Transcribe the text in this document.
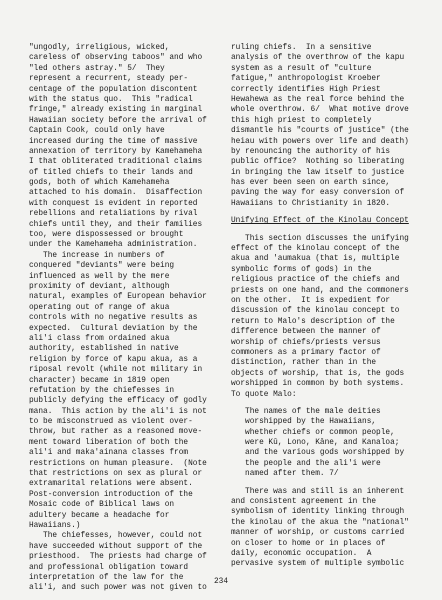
"ungodly, irreligious, wicked,
careless of observing taboos" and who
"led others astray." 5/  They
represent a recurrent, steady per-
centage of the population discontent
with the status quo.  This "radical
fringe," already existing in marginal
Hawaiian society before the arrival of
Captain Cook, could only have
increased during the time of massive
annexation of territory by Kamehameha
I that obliterated traditional claims
of titled chiefs to their lands and
gods, both of which Kamehameha
attached to his domain.  Disaffection
with conquest is evident in reported
rebellions and retaliations by rival
chiefs until they, and their families
too, were dispossessed or brought
under the Kamehameha administration.
The increase in numbers of
conquered "deviants" were being
influenced as well by the mere
proximity of deviant, although
natural, examples of European behavior
operating out of range of akua
controls with no negative results as
expected.  Cultural deviation by the
ali'i class from ordained akua
authority, established in native
religion by force of kapu akua, as a
riposal revolt (while not military in
character) became in 1819 open
refutation by the chiefesses in
publicly defying the efficacy of godly
mana.  This action by the ali'i is not
to be misconstrued as violent over-
throw, but rather as a reasoned move-
ment toward liberation of both the
ali'i and maka'ainana classes from
restrictions on human pleasure.  (Note
that restrictions on sex as plural or
extramarital relations were absent.
Post-conversion introduction of the
Mosaic code of Biblical laws on
adultery became a headache for
Hawaiians.)
The chiefesses, however, could not
have succeeded without support of the
priesthood.  The priests had charge of
and professional obligation toward
interpretation of the law for the
ali'i, and such power was not given to
ruling chiefs.  In a sensitive
analysis of the overthrow of the kapu
system as a result of "culture
fatigue," anthropologist Kroeber
correctly identifies High Priest
Hewahewa as the real force behind the
whole overthrow. 6/  What motive drove
this high priest to completely
dismantle his "courts of justice" (the
heiau with powers over life and death)
by renouncing the authority of his
public office?  Nothing so liberating
in bringing the law itself to justice
has ever been seen on earth since,
paving the way for easy conversion of
Hawaiians to Christianity in 1820.
Unifying Effect of the Kinolau Concept
This section discusses the unifying
effect of the kinolau concept of the
akua and 'aumakua (that is, multiple
symbolic forms of gods) in the
religious practice of the chiefs and
priests on one hand, and the commoners
on the other.  It is expedient for
discussion of the kinolau concept to
return to Malo's description of the
difference between the manner of
worship of chiefs/priests versus
commoners as a primary factor of
distinction, rather than in the
objects of worship, that is, the gods
worshipped in common by both systems.
To quote Malo:
The names of the male deities
worshipped by the Hawaiians,
whether chiefs or common people,
were Kū, Lono, Kāne, and Kanaloa;
and the various gods worshipped by
the people and the ali'i were
named after them. 7/
There was and still is an inherent
and consistent agreement in the
symbolism of identity linking through
the kinolau of the akua the "national"
manner of worship, or customs carried
on closer to home or in places of
daily, economic occupation.  A
pervasive system of multiple symbolic
234
